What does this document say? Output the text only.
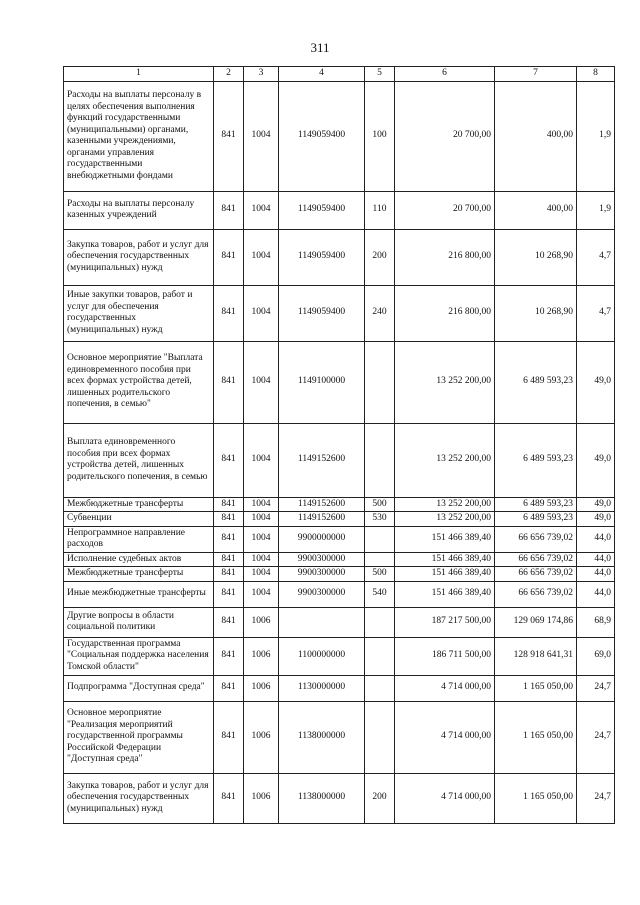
311
1	2	3	4	5	6	7	8
Расходы на выплаты персоналу в целях обеспечения выполнения функций государственными (муниципальными) органами, казенными учреждениями, органами управления государственными внебюджетными фондами	841	1004	1149059400	100	20 700,00	400,00	1,9
Расходы на выплаты персоналу казенных учреждений	841	1004	1149059400	110	20 700,00	400,00	1,9
Закупка товаров, работ и услуг для обеспечения государственных (муниципальных) нужд	841	1004	1149059400	200	216 800,00	10 268,90	4,7
Иные закупки товаров, работ и услуг для обеспечения государственных (муниципальных) нужд	841	1004	1149059400	240	216 800,00	10 268,90	4,7
Основное мероприятие "Выплата единовременного пособия при всех формах устройства детей, лишенных родительского попечения, в семью"	841	1004	1149100000		13 252 200,00	6 489 593,23	49,0
Выплата единовременного пособия при всех формах устройства детей, лишенных родительского попечения, в семью	841	1004	1149152600		13 252 200,00	6 489 593,23	49,0
Межбюджетные трансферты	841	1004	1149152600	500	13 252 200,00	6 489 593,23	49,0
Субвенции	841	1004	1149152600	530	13 252 200,00	6 489 593,23	49,0
Непрограммное направление расходов	841	1004	9900000000		151 466 389,40	66 656 739,02	44,0
Исполнение судебных актов	841	1004	9900300000		151 466 389,40	66 656 739,02	44,0
Межбюджетные трансферты	841	1004	9900300000	500	151 466 389,40	66 656 739,02	44,0
Иные межбюджетные трансферты	841	1004	9900300000	540	151 466 389,40	66 656 739,02	44,0
Другие вопросы в области социальной политики	841	1006			187 217 500,00	129 069 174,86	68,9
Государственная программа "Социальная поддержка населения Томской области"	841	1006	1100000000		186 711 500,00	128 918 641,31	69,0
Подпрограмма "Доступная среда"	841	1006	1130000000		4 714 000,00	1 165 050,00	24,7
Основное мероприятие "Реализация мероприятий государственной программы Российской Федерации "Доступная среда"	841	1006	1138000000		4 714 000,00	1 165 050,00	24,7
Закупка товаров, работ и услуг для обеспечения государственных (муниципальных) нужд	841	1006	1138000000	200	4 714 000,00	1 165 050,00	24,7
